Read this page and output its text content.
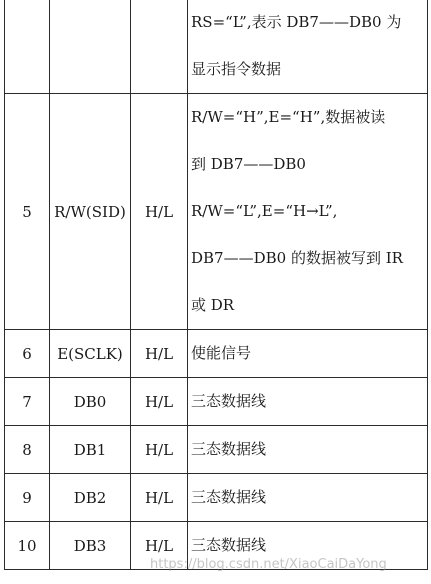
			RS=“L”,表示 DB7——DB0 为
显示指令数据

5	R/W(SID)	H/L	R/W=“H”,E=“H”,数据被读
到 DB7——DB0
R/W=“L”,E=“H→L”,
DB7——DB0 的数据被写到 IR
或 DR

6	E(SCLK)	H/L	使能信号

7	DB0	H/L	三态数据线

8	DB1	H/L	三态数据线

9	DB2	H/L	三态数据线

10	DB3	H/L	三态数据线
https://blog.csdn.net/XiaoCaiDaYong
